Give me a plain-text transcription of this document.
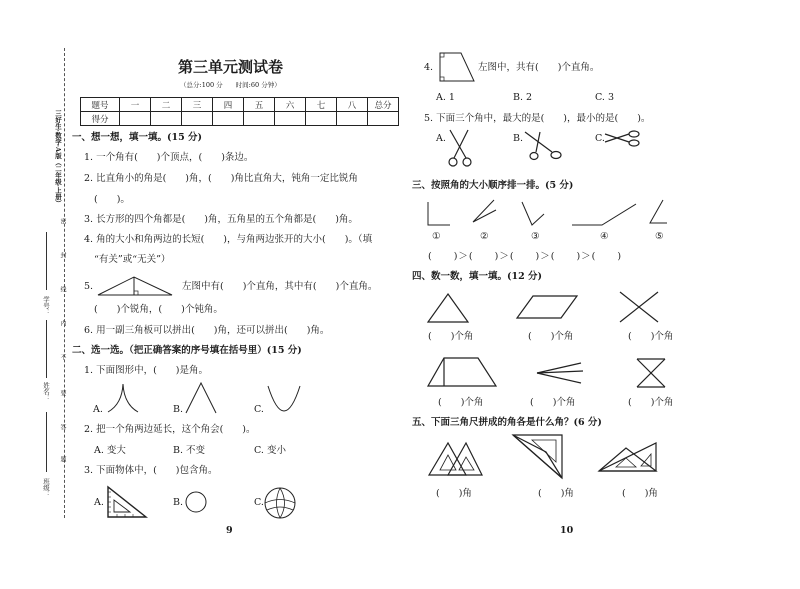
三好生·数学·A版（二年级·上册）
密
封
线
内
不
要
答
题
学号：
姓名：
班级：
第三单元测试卷
（总分:100 分　　时间:60 分钟）
题号	一	二	三	四	五	六	七	八	总分
得分									
一、想一想，填一填。(15 分)
1. 一个角有(　　)个顶点，(　　)条边。
2. 比直角小的角是(　　)角，(　　)角比直角大，钝角一定比锐角
(　　)。
3. 长方形的四个角都是(　　)角，五角星的五个角都是(　　)角。
4. 角的大小和角两边的长短(　　)，与角两边张开的大小(　　)。（填
“有关”或“无关”）
5.	左图中有(　　)个直角，其中有(　　)个直角。
(　　)个锐角，(　　)个钝角。
6. 用一副三角板可以拼出(　　)角，还可以拼出(　　)角。
二、选一选。（把正确答案的序号填在括号里）(15 分)
1. 下面图形中，(　　)是角。
A.	B.	C.
2. 把一个角两边延长，这个角会(　　)。
A. 变大	B. 不变	C. 变小
3. 下面物体中，(　　)包含角。
A.	B.	C.
9
4.	左图中，共有(　　)个直角。
A. 1	B. 2	C. 3
5. 下面三个角中，最大的是(　　)，最小的是(　　)。
A.	B.	C.
三、按照角的大小顺序排一排。(5 分)
①	②	③	④	⑤
(　　)＞(　　)＞(　　)＞(　　)＞(　　)
四、数一数，填一填。(12 分)
(　　)个角	(　　)个角	(　　)个角
(　　)个角	(　　)个角	(　　)个角
五、下面三角尺拼成的角各是什么角？(6 分)
(　　)角	(　　)角	(　　)角
10
